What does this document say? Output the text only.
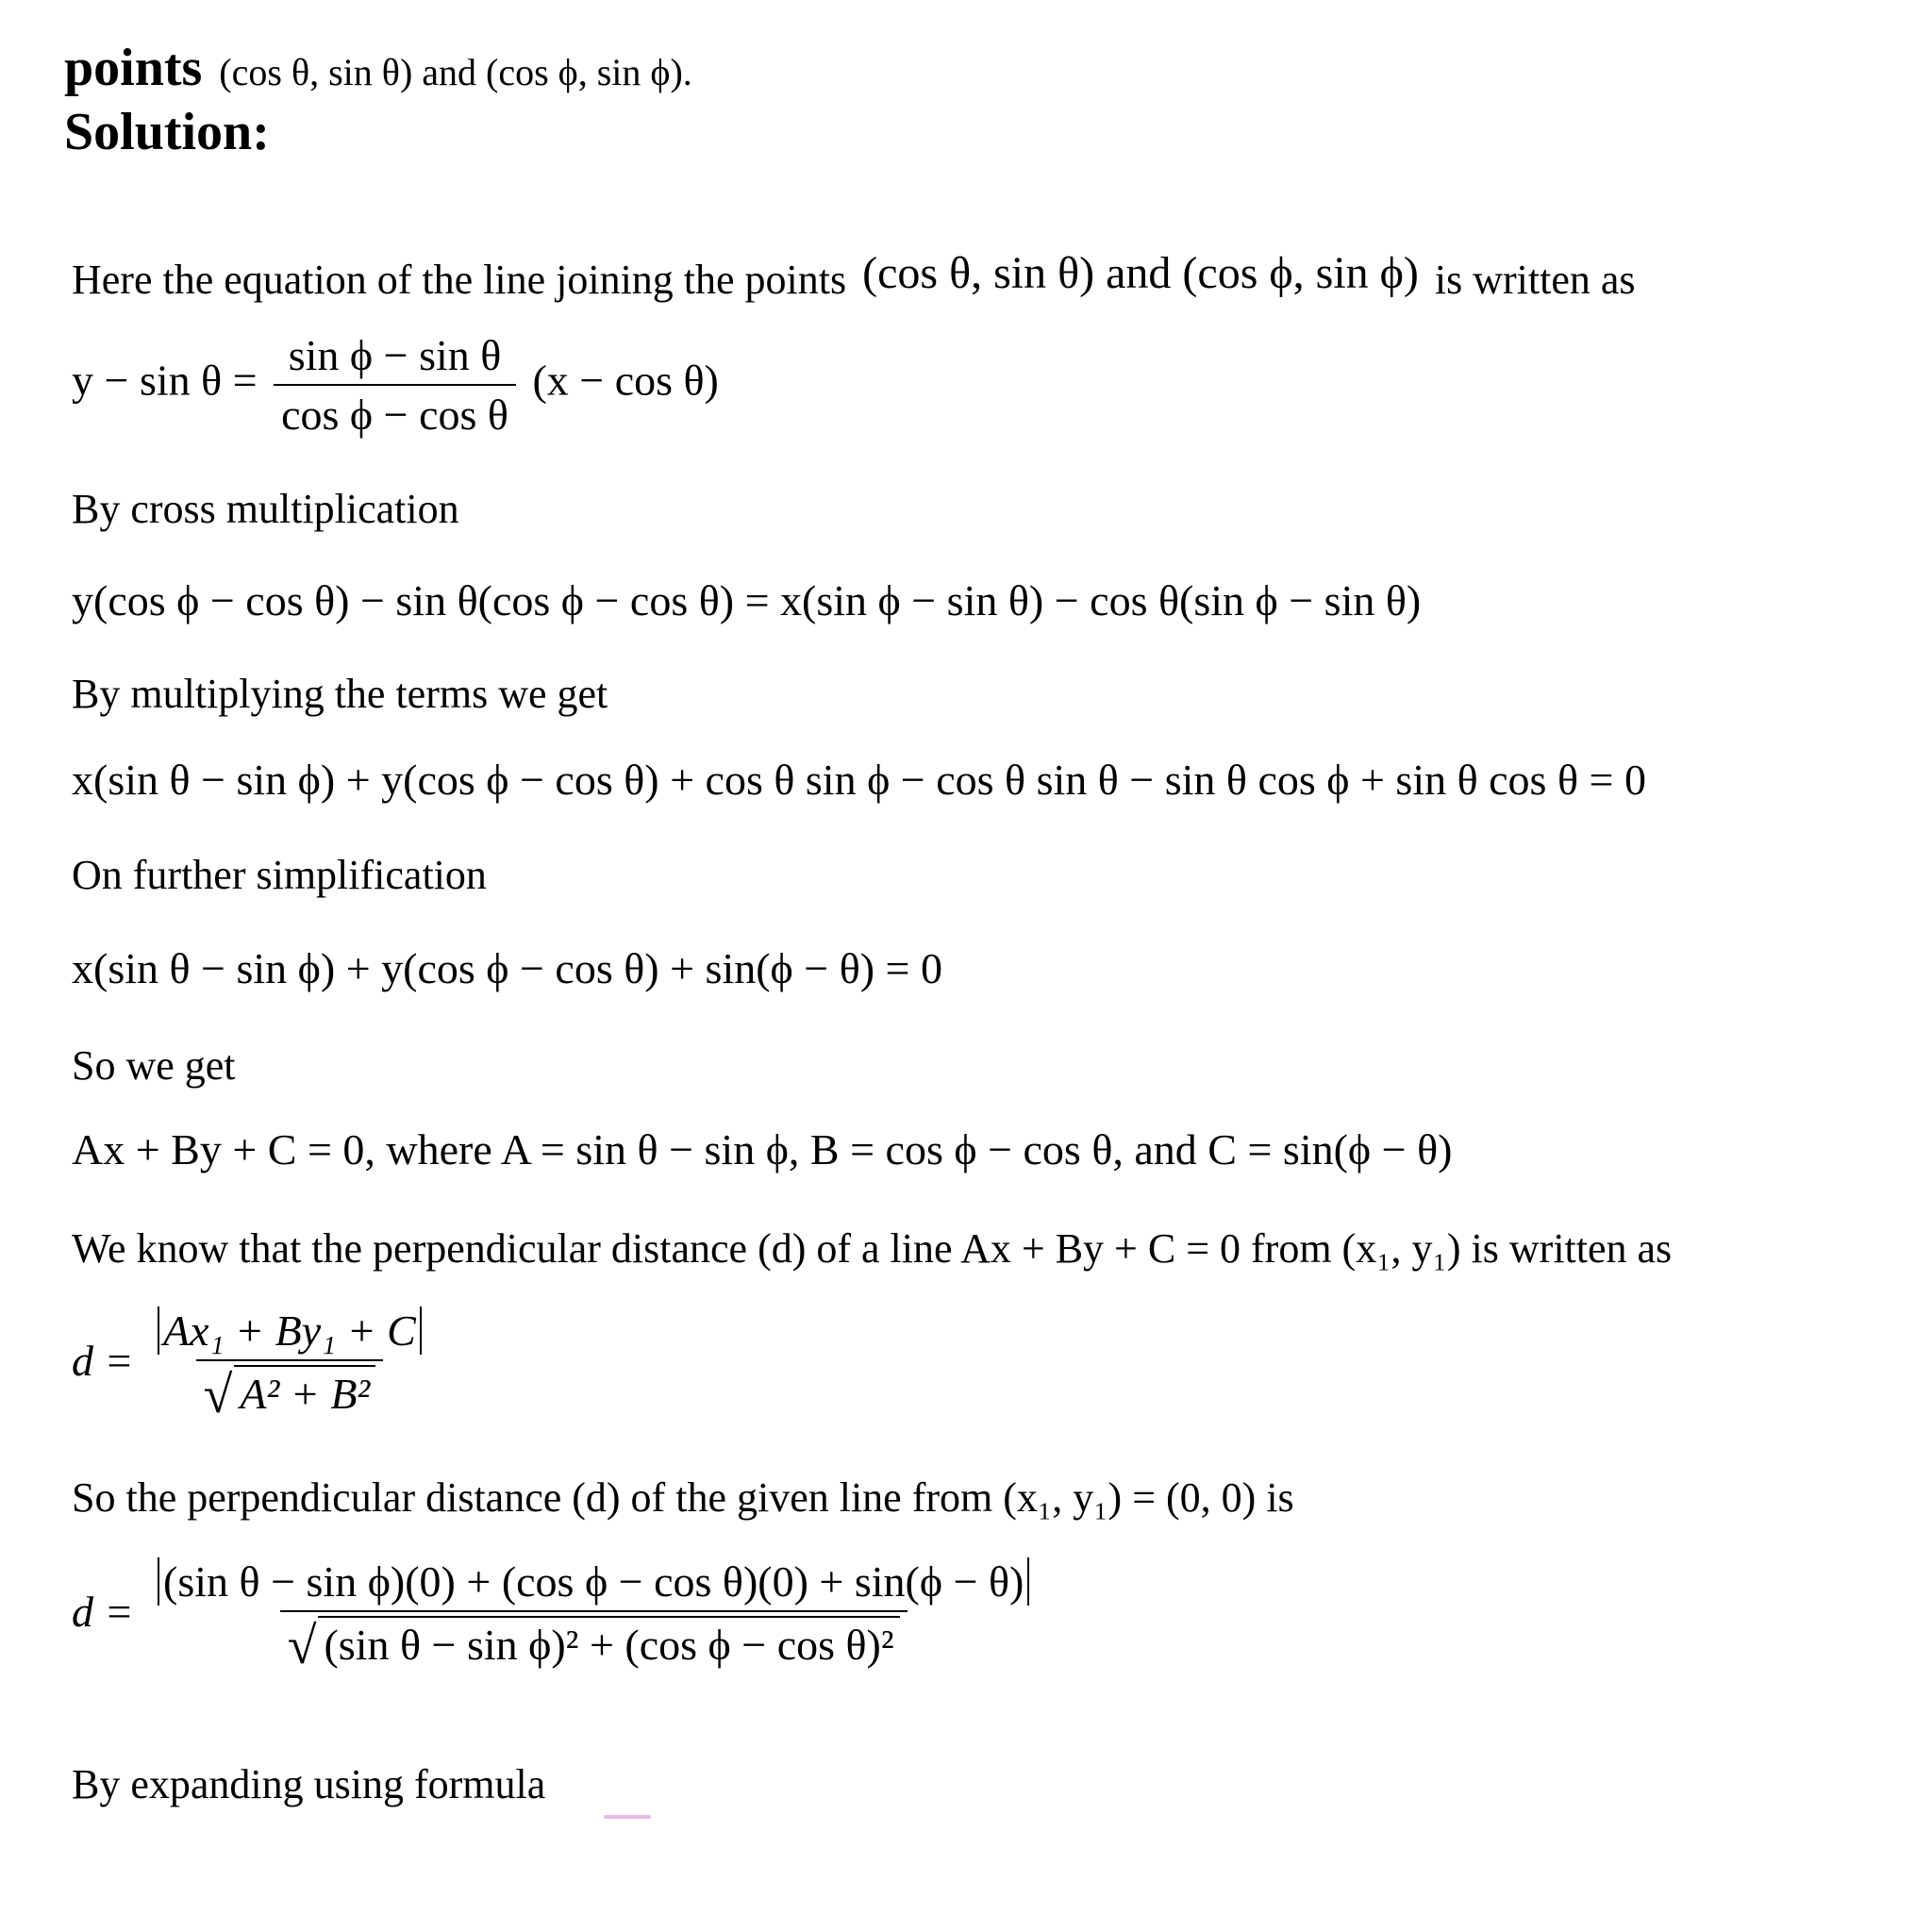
points (cos θ, sin θ) and (cos ϕ, sin ϕ).
Solution:
Here the equation of the line joining the points (cos θ, sin θ) and (cos ϕ, sin ϕ) is written as
$y - \sin \theta = \frac{\text{sin ϕ − sin θ}}{\text{cos ϕ − cos θ}} (x - \cos \theta)$
By cross multiplication
y(cos ϕ − cos θ) − sin θ(cos ϕ − cos θ) = x(sin ϕ − sin θ) − cos θ(sin ϕ − sin θ)
By multiplying the terms we get
x(sin θ − sin ϕ) + y(cos ϕ − cos θ) + cos θ sin ϕ − cos θ sin θ − sin θ cos ϕ + sin θ cos θ = 0
On further simplification
x(sin θ − sin ϕ) + y(cos ϕ − cos θ) + sin(ϕ − θ) = 0
So we get
Ax + By + C = 0, where A = sin θ − sin ϕ, B = cos ϕ − cos θ, and C = sin(ϕ − θ)
We know that the perpendicular distance (d) of a line Ax + By + C = 0 from (x₁, y₁) is written as
$d = \frac{\text{Ax₁ + By₁ + C}}{\text{√ A² + B²}}$
So the perpendicular distance (d) of the given line from (x₁, y₁) = (0, 0) is
$d = \frac{\text{(sin θ − sin ϕ)(0) + (cos ϕ − cos θ)(0) + sin(ϕ − θ)}}{\text{√ (sin θ − sin ϕ)² + (cos ϕ − cos θ)²}}$
By expanding using formula
